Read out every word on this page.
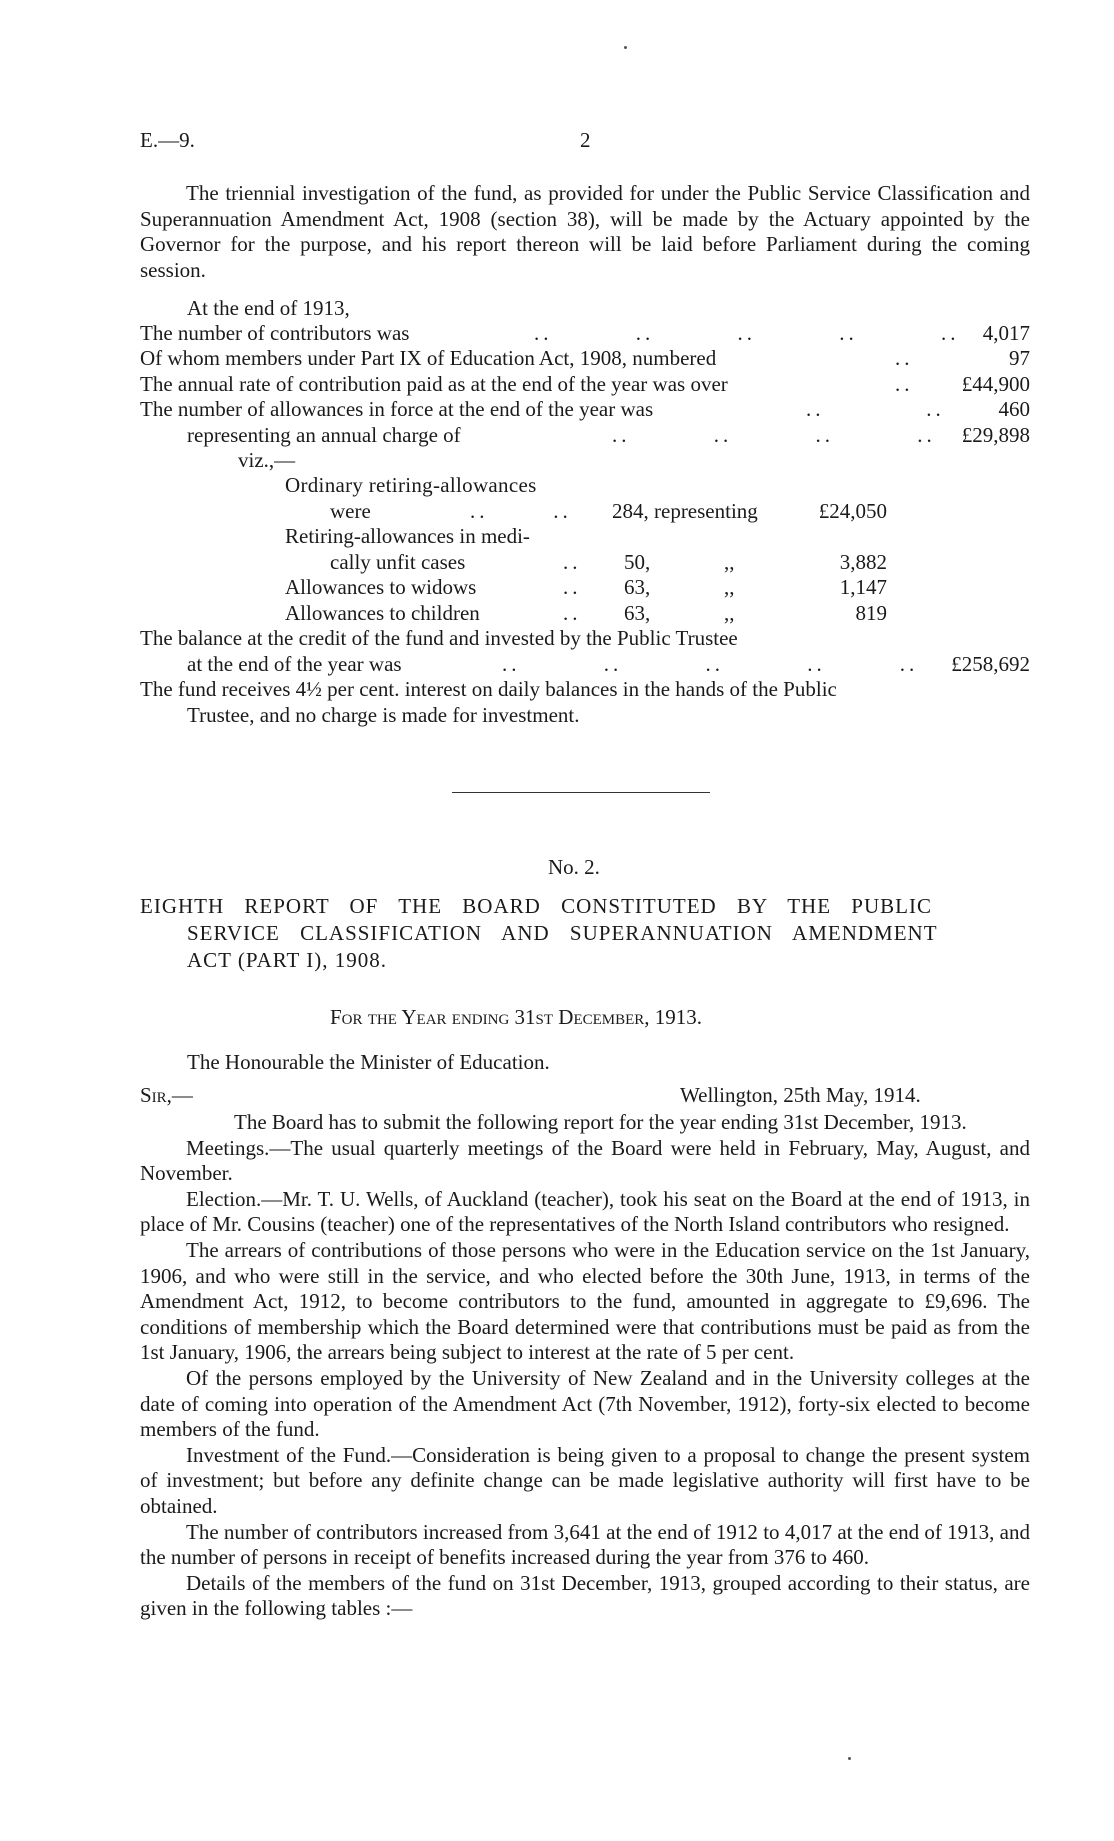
E.—9.	2

The triennial investigation of the fund, as provided for under the Public Service Classification and Superannuation Amendment Act, 1908 (section 38), will be made by the Actuary appointed by the Governor for the purpose, and his report thereon will be laid before Parliament during the coming session.

At the end of 1913,
The number of contributors was	..         ..         ..         ..         .. 4,017
Of whom members under Part IX of Education Act, 1908, numbered	..	97
The annual rate of contribution paid as at the end of the year was over	.. £44,900
The number of allowances in force at the end of the year was	..           ..	460
representing an annual charge of	..         ..         ..         .. £29,898
viz.,—
Ordinary retiring-allowances
were	..       .. 284, representing	£24,050
Retiring-allowances in medi-
cally unfit cases	.. 50,	,,	3,882
Allowances to widows	.. 63,	,,	1,147
Allowances to children	.. 63,	,,	819
The balance at the credit of the fund and invested by the Public Trustee
at the end of the year was	..         ..         ..         ..        .. £258,692
The fund receives 4½ per cent. interest on daily balances in the hands of the Public
Trustee, and no charge is made for investment.
No. 2.
EIGHTH REPORT OF THE BOARD CONSTITUTED BY THE PUBLIC
SERVICE CLASSIFICATION AND SUPERANNUATION AMENDMENT
ACT (PART I), 1908.
For the Year ending 31st December, 1913.
The Honourable the Minister of Education.
Sir,—	Wellington, 25th May, 1914.

The Board has to submit the following report for the year ending 31st December, 1913.

Meetings.—The usual quarterly meetings of the Board were held in February, May, August, and November.

Election.—Mr. T. U. Wells, of Auckland (teacher), took his seat on the Board at the end of 1913, in place of Mr. Cousins (teacher) one of the representatives of the North Island contributors who resigned.

The arrears of contributions of those persons who were in the Education service on the 1st January, 1906, and who were still in the service, and who elected before the 30th June, 1913, in terms of the Amendment Act, 1912, to become contributors to the fund, amounted in aggregate to £9,696. The conditions of membership which the Board determined were that contributions must be paid as from the 1st January, 1906, the arrears being subject to interest at the rate of 5 per cent.

Of the persons employed by the University of New Zealand and in the University colleges at the date of coming into operation of the Amendment Act (7th November, 1912), forty-six elected to become members of the fund.

Investment of the Fund.—Consideration is being given to a proposal to change the present system of investment; but before any definite change can be made legislative authority will first have to be obtained.

The number of contributors increased from 3,641 at the end of 1912 to 4,017 at the end of 1913, and the number of persons in receipt of benefits increased during the year from 376 to 460.

Details of the members of the fund on 31st December, 1913, grouped according to their status, are given in the following tables :—
